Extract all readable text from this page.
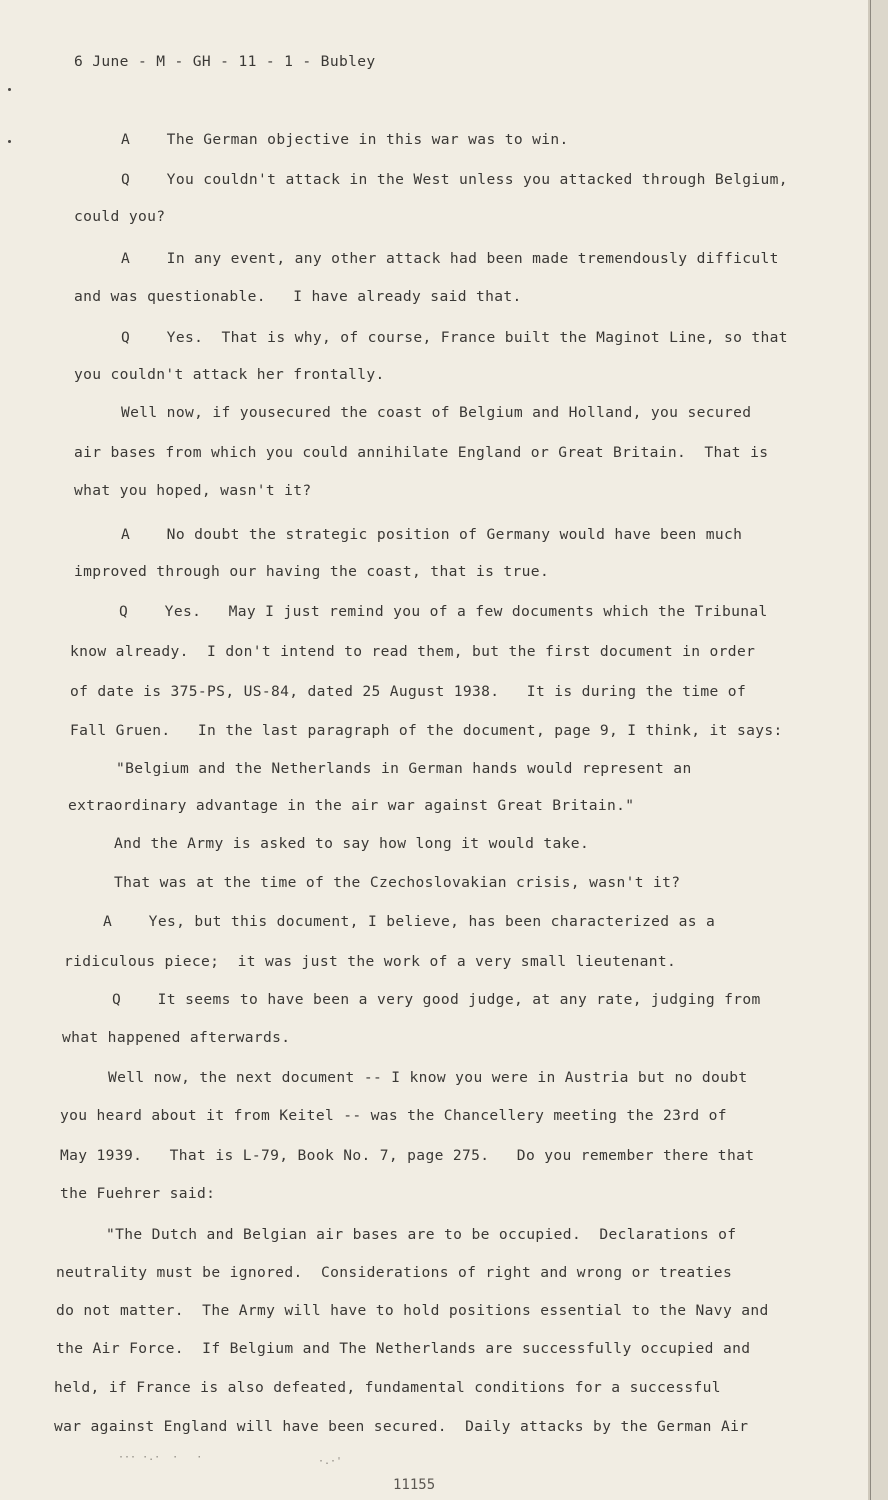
6 June - M - GH - 11 - 1 - Bubley
A    The German objective in this war was to win.
Q    You couldn't attack in the West unless you attacked through Belgium,
could you?
A    In any event, any other attack had been made tremendously difficult
and was questionable.   I have already said that.
Q    Yes.  That is why, of course, France built the Maginot Line, so that
you couldn't attack her frontally.
Well now, if yousecured the coast of Belgium and Holland, you secured
air bases from which you could annihilate England or Great Britain.  That is
what you hoped, wasn't it?
A    No doubt the strategic position of Germany would have been much
improved through our having the coast, that is true.
Q    Yes.   May I just remind you of a few documents which the Tribunal
know already.  I don't intend to read them, but the first document in order
of date is 375-PS, US-84, dated 25 August 1938.   It is during the time of
Fall Gruen.   In the last paragraph of the document, page 9, I think, it says:
"Belgium and the Netherlands in German hands would represent an
extraordinary advantage in the air war against Great Britain."
And the Army is asked to say how long it would take.
That was at the time of the Czechoslovakian crisis, wasn't it?
A    Yes, but this document, I believe, has been characterized as a
ridiculous piece;  it was just the work of a very small lieutenant.
Q    It seems to have been a very good judge, at any rate, judging from
what happened afterwards.
Well now, the next document -- I know you were in Austria but no doubt
you heard about it from Keitel -- was the Chancellery meeting the 23rd of
May 1939.   That is L-79, Book No. 7, page 275.   Do you remember there that
the Fuehrer said:
"The Dutch and Belgian air bases are to be occupied.  Declarations of
neutrality must be ignored.  Considerations of right and wrong or treaties
do not matter.  The Army will have to hold positions essential to the Navy and
the Air Force.  If Belgium and The Netherlands are successfully occupied and
held, if France is also defeated, fundamental conditions for a successful
war against England will have been secured.  Daily attacks by the German Air
··· ·.·  ·   ·	·.·'
11155
